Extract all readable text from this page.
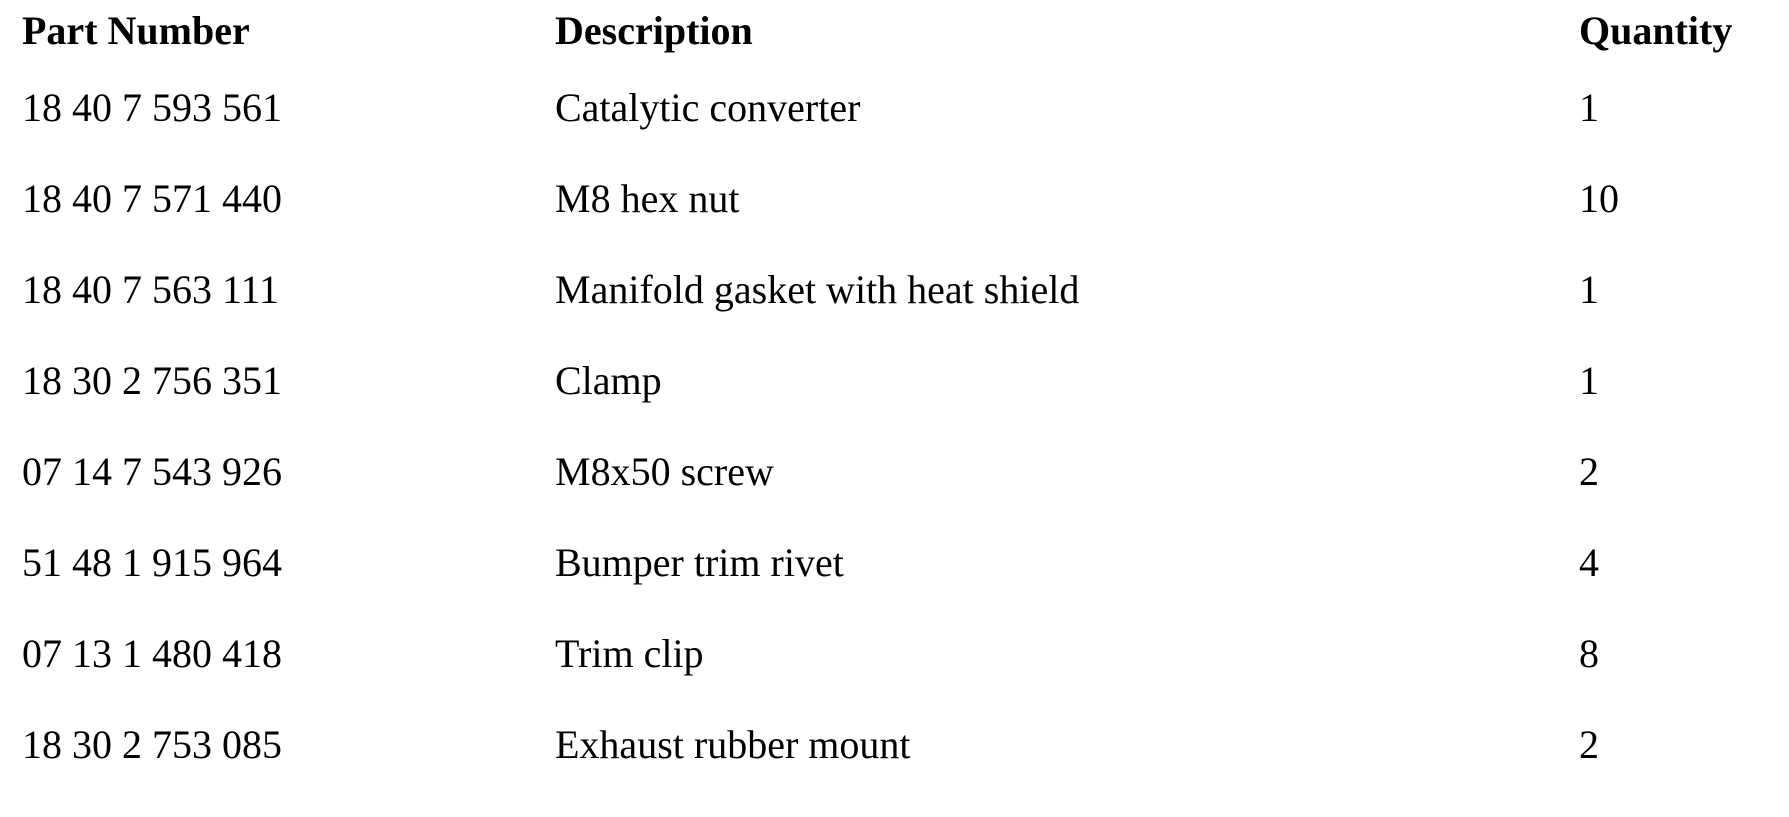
Part Number	Description	Quantity
18 40 7 593 561	Catalytic converter	1
18 40 7 571 440	M8 hex nut	10
18 40 7 563 111	Manifold gasket with heat shield	1
18 30 2 756 351	Clamp	1
07 14 7 543 926	M8x50 screw	2
51 48 1 915 964	Bumper trim rivet	4
07 13 1 480 418	Trim clip	8
18 30 2 753 085	Exhaust rubber mount	2
